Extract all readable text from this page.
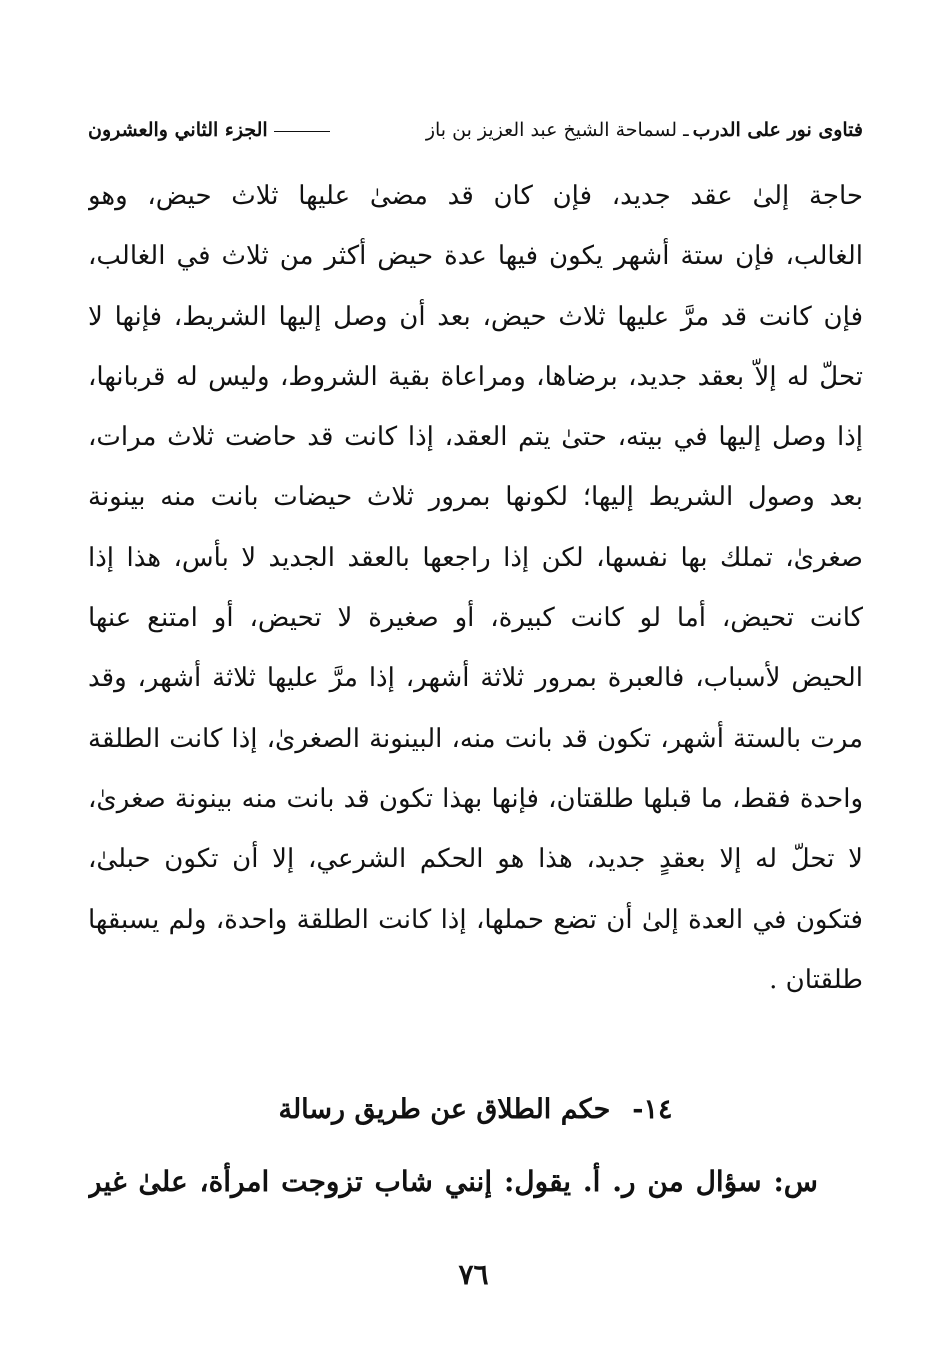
فتاوى نور على الدرب
ـ لسماحة الشيخ عبد العزيز بن باز
الجزء الثاني والعشرون
حاجة إلىٰ عقد جديد، فإن كان قد مضىٰ عليها ثلاث حيض، وهو
الغالب، فإن ستة أشهر يكون فيها عدة حيض أكثر من ثلاث في الغالب،
فإن كانت قد مرَّ عليها ثلاث حيض، بعد أن وصل إليها الشريط، فإنها لا
تحلّ له إلاّ بعقد جديد، برضاها، ومراعاة بقية الشروط، وليس له قربانها،
إذا وصل إليها في بيته، حتىٰ يتم العقد، إذا كانت قد حاضت ثلاث مرات،
بعد وصول الشريط إليها؛ لكونها بمرور ثلاث حيضات بانت منه بينونة
صغرىٰ، تملك بها نفسها، لكن إذا راجعها بالعقد الجديد لا بأس، هذا إذا
كانت تحيض، أما لو كانت كبيرة، أو صغيرة لا تحيض، أو امتنع عنها
الحيض لأسباب، فالعبرة بمرور ثلاثة أشهر، إذا مرَّ عليها ثلاثة أشهر، وقد
مرت بالستة أشهر، تكون قد بانت منه، البينونة الصغرىٰ، إذا كانت الطلقة
واحدة فقط، ما قبلها طلقتان، فإنها بهذا تكون قد بانت منه بينونة صغرىٰ،
لا تحلّ له إلا بعقدٍ جديد، هذا هو الحكم الشرعي، إلا أن تكون حبلىٰ،
فتكون في العدة إلىٰ أن تضع حملها، إذا كانت الطلقة واحدة، ولم يسبقها
طلقتان .
١٤-حكم الطلاق عن طريق رسالة
س: سؤال من ر. أ. يقول: إنني شاب تزوجت امرأة، علىٰ غير
٧٦
